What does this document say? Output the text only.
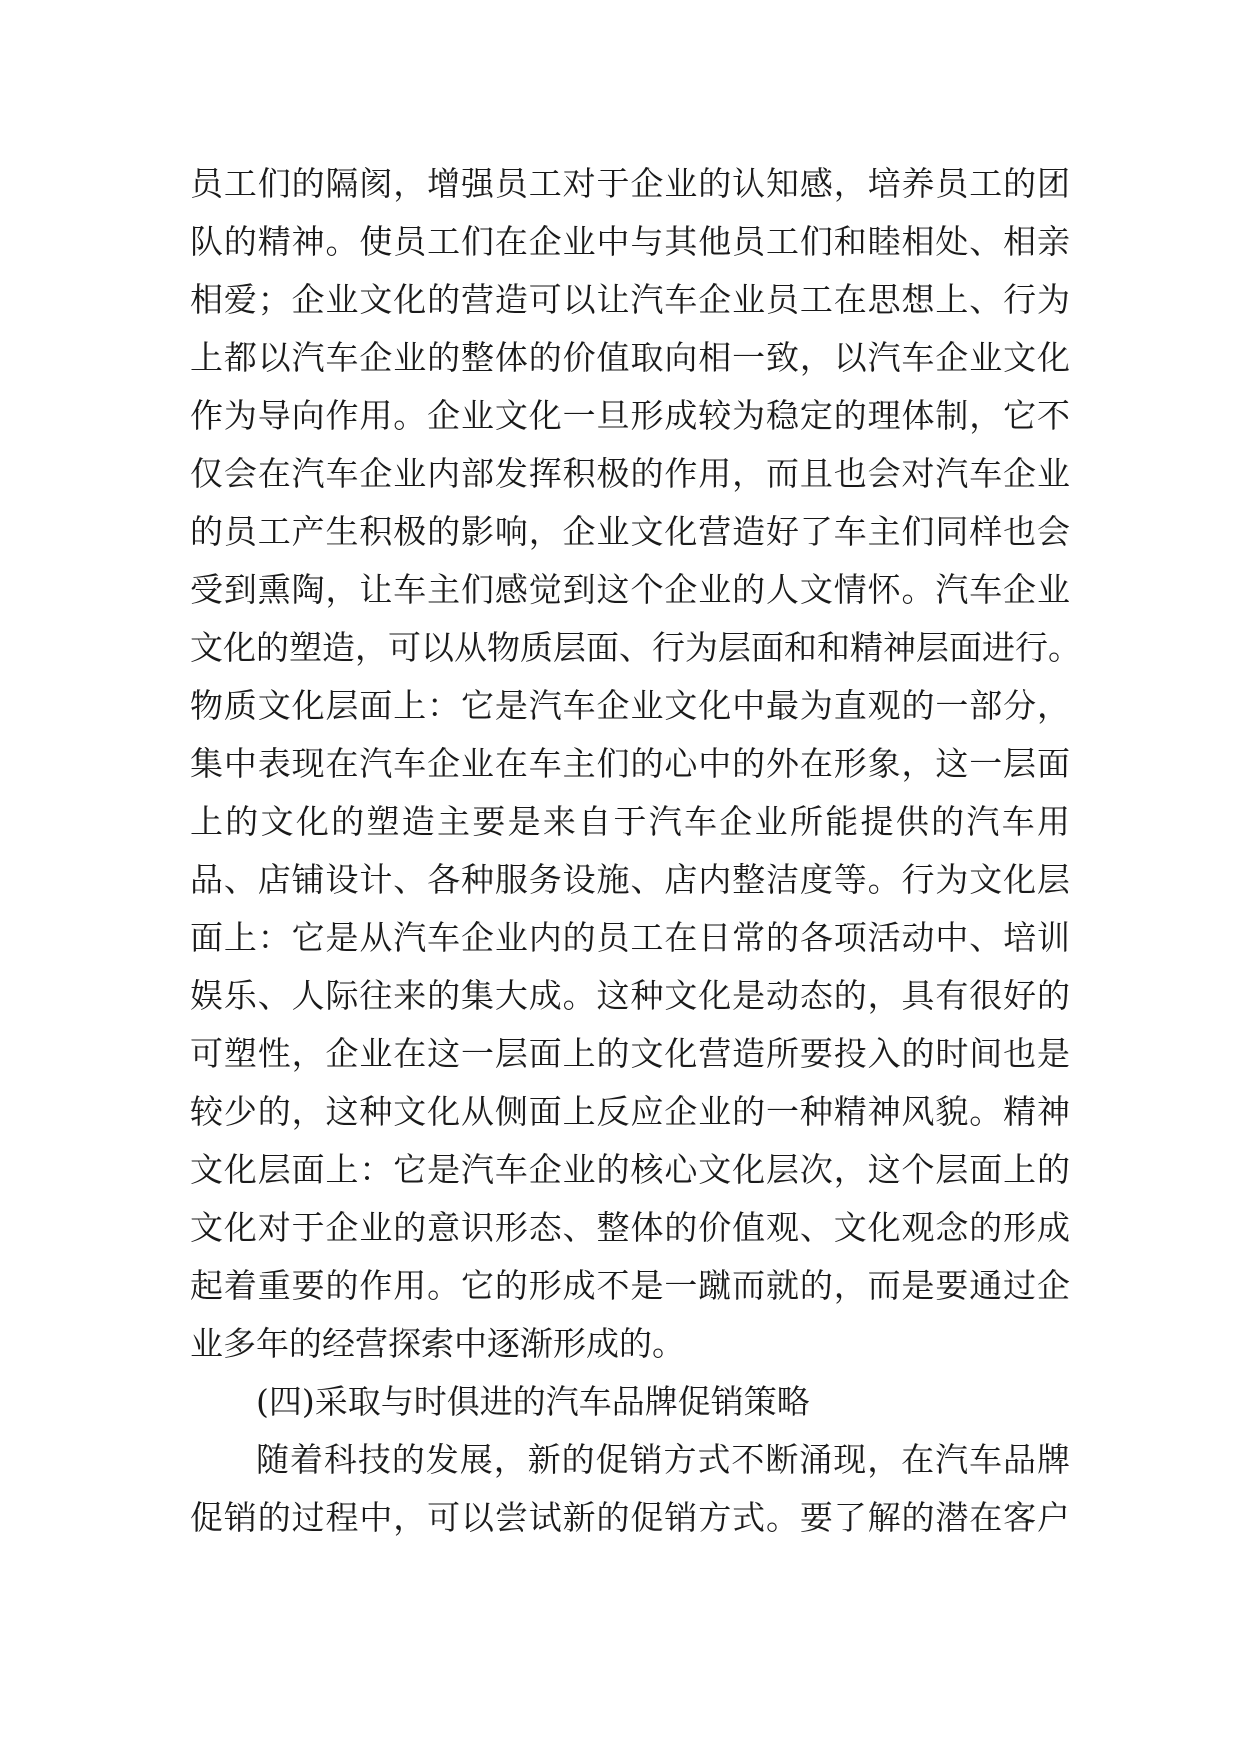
员工们的隔阂，增强员工对于企业的认知感，培养员工的团
队的精神。使员工们在企业中与其他员工们和睦相处、相亲
相爱；企业文化的营造可以让汽车企业员工在思想上、行为
上都以汽车企业的整体的价值取向相一致，以汽车企业文化
作为导向作用。企业文化一旦形成较为稳定的理体制，它不
仅会在汽车企业内部发挥积极的作用，而且也会对汽车企业
的员工产生积极的影响，企业文化营造好了车主们同样也会
受到熏陶，让车主们感觉到这个企业的人文情怀。汽车企业
文化的塑造，可以从物质层面、行为层面和和精神层面进行。
物质文化层面上：它是汽车企业文化中最为直观的一部分，
集中表现在汽车企业在车主们的心中的外在形象，这一层面
上的文化的塑造主要是来自于汽车企业所能提供的汽车用
品、店铺设计、各种服务设施、店内整洁度等。行为文化层
面上：它是从汽车企业内的员工在日常的各项活动中、培训
娱乐、人际往来的集大成。这种文化是动态的，具有很好的
可塑性，企业在这一层面上的文化营造所要投入的时间也是
较少的，这种文化从侧面上反应企业的一种精神风貌。精神
文化层面上：它是汽车企业的核心文化层次，这个层面上的
文化对于企业的意识形态、整体的价值观、文化观念的形成
起着重要的作用。它的形成不是一蹴而就的，而是要通过企
业多年的经营探索中逐渐形成的。
(四)采取与时俱进的汽车品牌促销策略
随着科技的发展，新的促销方式不断涌现，在汽车品牌
促销的过程中，可以尝试新的促销方式。要了解的潜在客户
